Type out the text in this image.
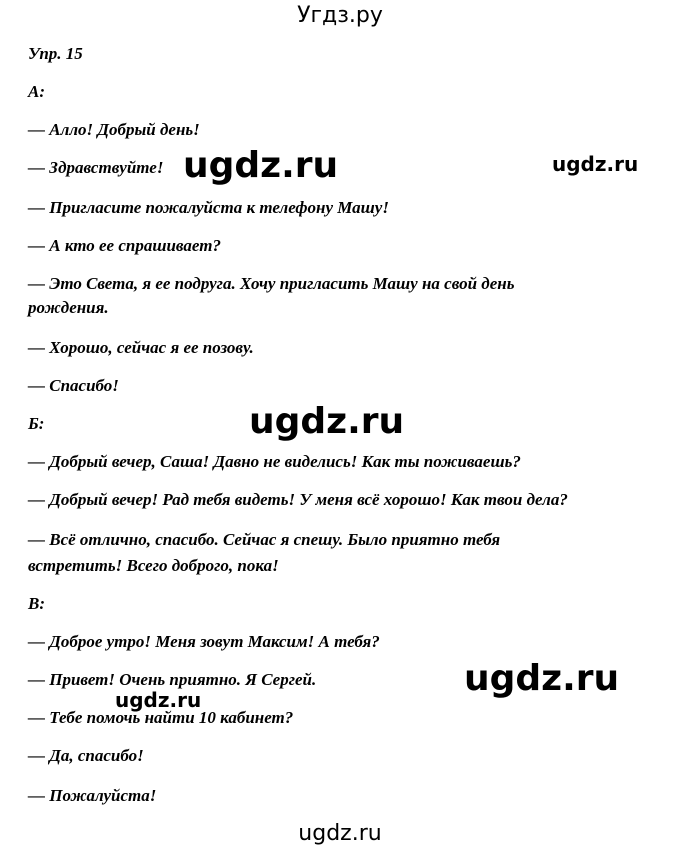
Угдз.ру
Упр. 15
А:
— Алло! Добрый день!
— Здравствуйте!
— Пригласите пожалуйста к телефону Машу!
— А кто ее спрашивает?
— Это Света, я ее подруга. Хочу пригласить Машу на свой день
рождения.
— Хорошо, сейчас я ее позову.
— Спасибо!
Б:
— Добрый вечер, Саша! Давно не виделись! Как ты поживаешь?
— Добрый вечер! Рад тебя видеть! У меня всё хорошо! Как твои дела?
— Всё отлично, спасибо. Сейчас я спешу. Было приятно тебя
встретить! Всего доброго, пока!
В:
— Доброе утро! Меня зовут Максим! А тебя?
— Привет! Очень приятно. Я Сергей.
— Тебе помочь найти 10 кабинет?
— Да, спасибо!
— Пожалуйста!
ugdz.ru	ugdz.ru
ugdz.ru
ugdz.ru
ugdz.ru
ugdz.ru
